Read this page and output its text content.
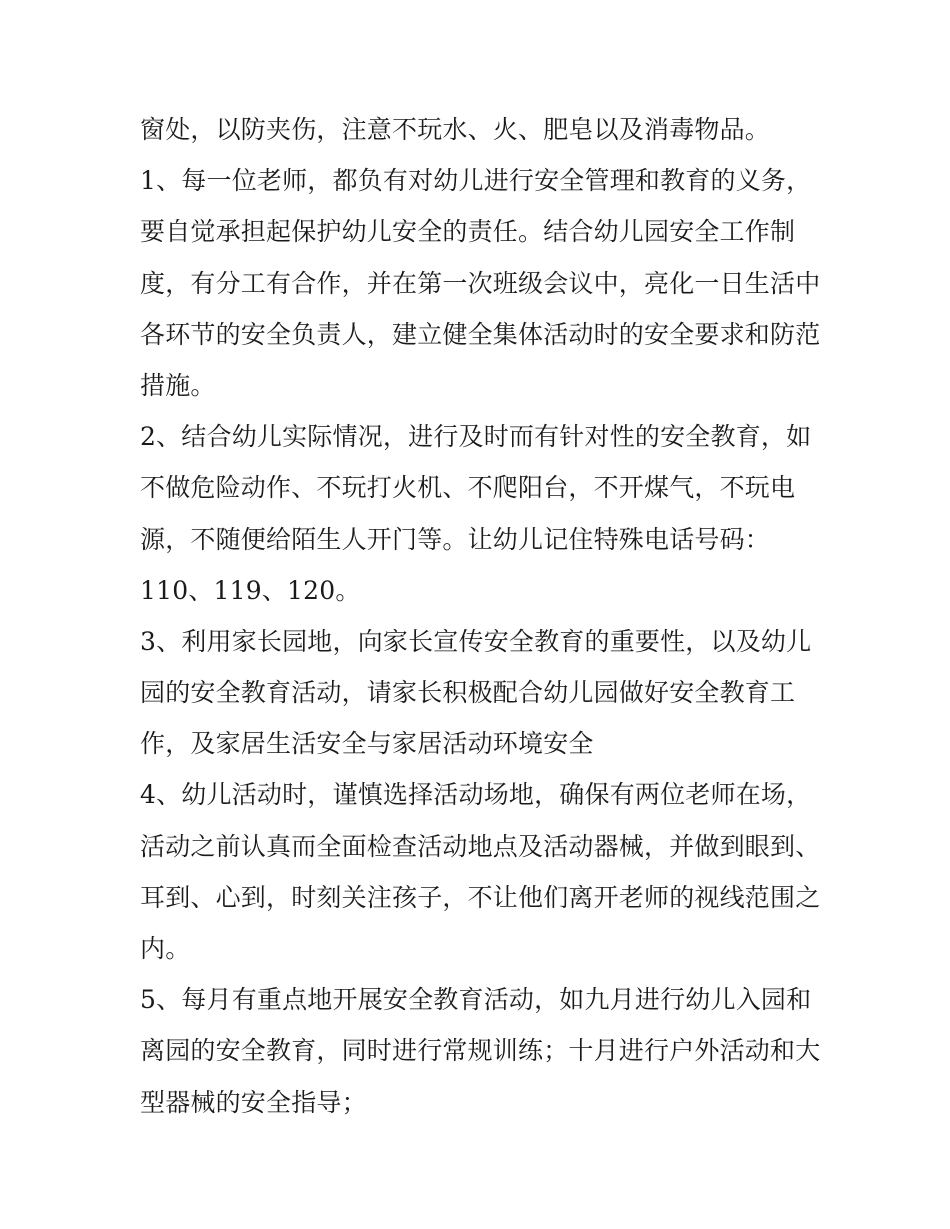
窗处，以防夹伤，注意不玩水、火、肥皂以及消毒物品。
1、每一位老师，都负有对幼儿进行安全管理和教育的义务，
要自觉承担起保护幼儿安全的责任。结合幼儿园安全工作制
度，有分工有合作，并在第一次班级会议中，亮化一日生活中
各环节的安全负责人，建立健全集体活动时的安全要求和防范
措施。
2、结合幼儿实际情况，进行及时而有针对性的安全教育，如
不做危险动作、不玩打火机、不爬阳台，不开煤气，不玩电
源，不随便给陌生人开门等。让幼儿记住特殊电话号码：
110、119、120。
3、利用家长园地，向家长宣传安全教育的重要性，以及幼儿
园的安全教育活动，请家长积极配合幼儿园做好安全教育工
作，及家居生活安全与家居活动环境安全
4、幼儿活动时，谨慎选择活动场地，确保有两位老师在场，
活动之前认真而全面检查活动地点及活动器械，并做到眼到、
耳到、心到，时刻关注孩子，不让他们离开老师的视线范围之
内。
5、每月有重点地开展安全教育活动，如九月进行幼儿入园和
离园的安全教育，同时进行常规训练；十月进行户外活动和大
型器械的安全指导；
